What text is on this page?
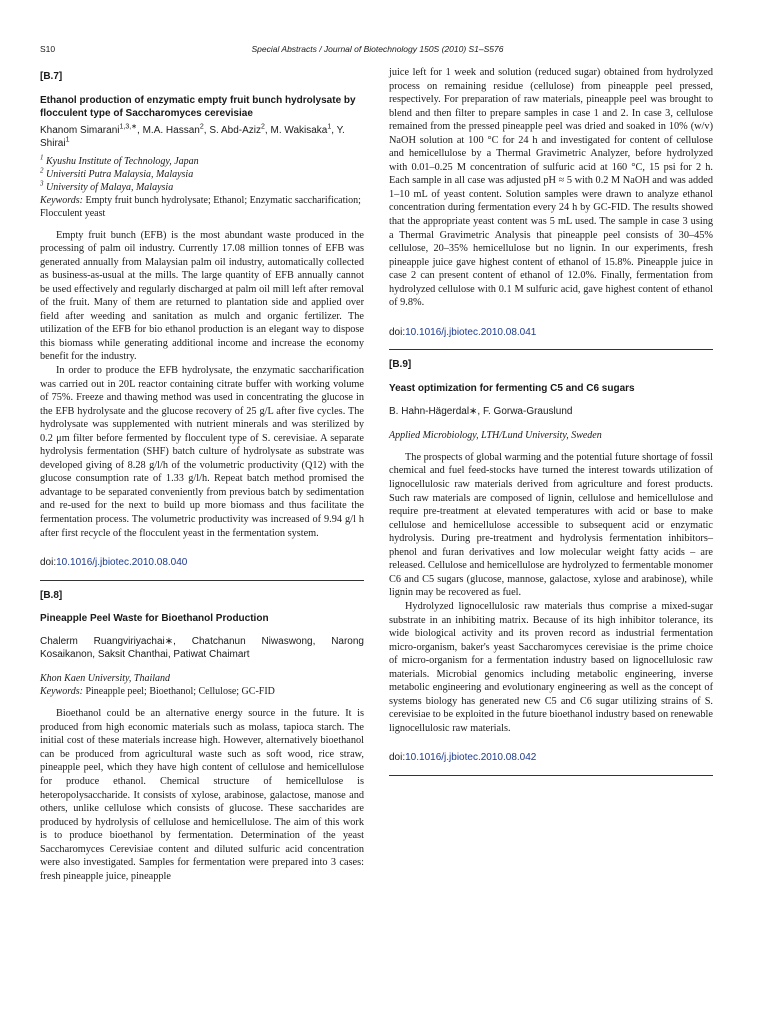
S10	Special Abstracts / Journal of Biotechnology 150S (2010) S1–S576
[B.7]
Ethanol production of enzymatic empty fruit bunch hydrolysate by flocculent type of Saccharomyces cerevisiae
Khanom Simarani$^{1,3,∗}$, M.A. Hassan$^2$, S. Abd-Aziz$^2$, M. Wakisaka$^1$, Y. Shirai$^1$
$^1$ Kyushu Institute of Technology, Japan
$^2$ Universiti Putra Malaysia, Malaysia
$^3$ University of Malaya, Malaysia
Keywords: Empty fruit bunch hydrolysate; Ethanol; Enzymatic saccharification; Flocculent yeast

Empty fruit bunch (EFB) is the most abundant waste produced in the processing of palm oil industry. Currently 17.08 million tonnes of EFB was generated annually from Malaysian palm oil industry, automatically collected as business-as-usual at the mills. The large quantity of EFB annually cannot be used effectively and regularly discharged at palm oil mill left after removal of the fruit. Many of them are returned to plantation side and applied over field after weeding and sanitation as mulch and organic fertilizer. The utilization of the EFB for bio ethanol production is an elegant way to dispose this biomass while generating additional income and increase the economy benefit for the industry.

In order to produce the EFB hydrolysate, the enzymatic saccharification was carried out in 20L reactor containing citrate buffer with working volume of 75%. Freeze and thawing method was used in concentrating the glucose in the EFB hydrolysate and the glucose recovery of 25 g/L after five cycles. The hydrolysate was supplemented with nutrient minerals and was sterilized by 0.2 μm filter before fermented by flocculent type of S. cerevisiae. A separate hydrolysis fermentation (SHF) batch culture of hydrolysate as substrate was developed giving of 8.28 g/l/h of the volumetric productivity (Q12) with the glucose consumption rate of 1.33 g/l/h. Repeat batch method promised the advantage to be separated conveniently from previous batch by sedimentation and re-used for the next to build up more biomass and thus facilitate the fermentation process. The volumetric productivity was increased of 9.94 g/l h after first recycle of the flocculent yeast in the fermentation system.

doi:10.1016/j.jbiotec.2010.08.040
[B.8]
Pineapple Peel Waste for Bioethanol Production
Chalerm Ruangviriyachai∗, Chatchanun Niwaswong, Narong Kosaikanon, Saksit Chanthai, Patiwat Chaimart
Khon Kaen University, Thailand
Keywords: Pineapple peel; Bioethanol; Cellulose; GC-FID

Bioethanol could be an alternative energy source in the future. It is produced from high economic materials such as molass, tapioca starch. The initial cost of these materials increase high. However, alternatively bioethanol can be produced from agricultural waste such as soft wood, rice straw, pineapple peel, which they have high content of cellulose and hemicellulose for produce ethanol. Chemical structure of hemicellulose is heteropolysaccharide. It consists of xylose, arabinose, galactose, manose and others, unlike cellulose which consists of glucose. These saccharides are produced by hydrolysis of cellulose and hemicellulose. The aim of this work is to produce bioethanol by fermentation. Determination of the yeast Saccharomyces Cerevisiae content and diluted sulfuric acid concentration were also investigated. Samples for fermentation were prepared into 3 cases: fresh pineapple juice, pineapple

juice left for 1 week and solution (reduced sugar) obtained from hydrolyzed process on remaining residue (cellulose) from pineapple peel pressed, respectively. For preparation of raw materials, pineapple peel was brought to blend and then filter to prepare samples in case 1 and 2. In case 3, cellulose remained from the pressed pineapple peel was dried and soaked in 10% (w/v) NaOH solution at 100 °C for 24 h and investigated for content of cellulose and hemicellulose by a Thermal Gravimetric Analyzer, before hydrolyzed with 0.01–0.25 M concentration of sulfuric acid at 160 °C, 15 psi for 2 h. Each sample in all case was adjusted pH ≈ 5 with 0.2 M NaOH and was added 1–10 mL of yeast content. Solution samples were drawn to analyze ethanol concentration during fermentation every 24 h by GC-FID. The results showed that the appropriate yeast content was 5 mL used. The sample in case 3 using a Thermal Gravimetric Analysis that pineapple peel consists of 30–45% cellulose, 20–35% hemicellulose but no lignin. In our experiments, fresh pineapple juice gave highest content of ethanol of 15.8%. Pineapple juice in case 2 can present content of ethanol of 12.0%. Finally, fermentation from hydrolyzed cellulose with 0.1 M sulfuric acid, gave highest content of ethanol of 9.8%.

doi:10.1016/j.jbiotec.2010.08.041
[B.9]
Yeast optimization for fermenting C5 and C6 sugars
B. Hahn-Hägerdal∗, F. Gorwa-Grauslund
Applied Microbiology, LTH/Lund University, Sweden

The prospects of global warming and the potential future shortage of fossil chemical and fuel feed-stocks have turned the interest towards utilization of lignocellulosic raw materials derived from agriculture and forest products. Such raw materials are composed of lignin, cellulose and hemicellulose and require pre-treatment at elevated temperatures with acid or base to make cellulose and hemicellulose accessible to subsequent acid or enzymatic hydrolysis. During pre-treatment and hydrolysis fermentation inhibitors–phenol and furan derivatives and low molecular weight fatty acids – are released. Cellulose and hemicellulose are hydrolyzed to fermentable monomer C6 and C5 sugars (glucose, mannose, galactose, xylose and arabinose), while lignin may be recovered as fuel.

Hydrolyzed lignocellulosic raw materials thus comprise a mixed-sugar substrate in an inhibiting matrix. Because of its high inhibitor tolerance, its wide biological activity and its proven record as industrial fermentation micro-organism, baker's yeast Saccharomyces cerevisiae is the prime choice of micro-organism for a fermentation industry based on lignocellulosic raw materials. Microbial genomics including metabolic engineering, inverse metabolic engineering and evolutionary engineering as well as the concept of systems biology has generated new C5 and C6 sugar utilizing strains of S. cerevisiae to be exploited in the future bioethanol industry based on renewable lignocellulosic raw materials.

doi:10.1016/j.jbiotec.2010.08.042
